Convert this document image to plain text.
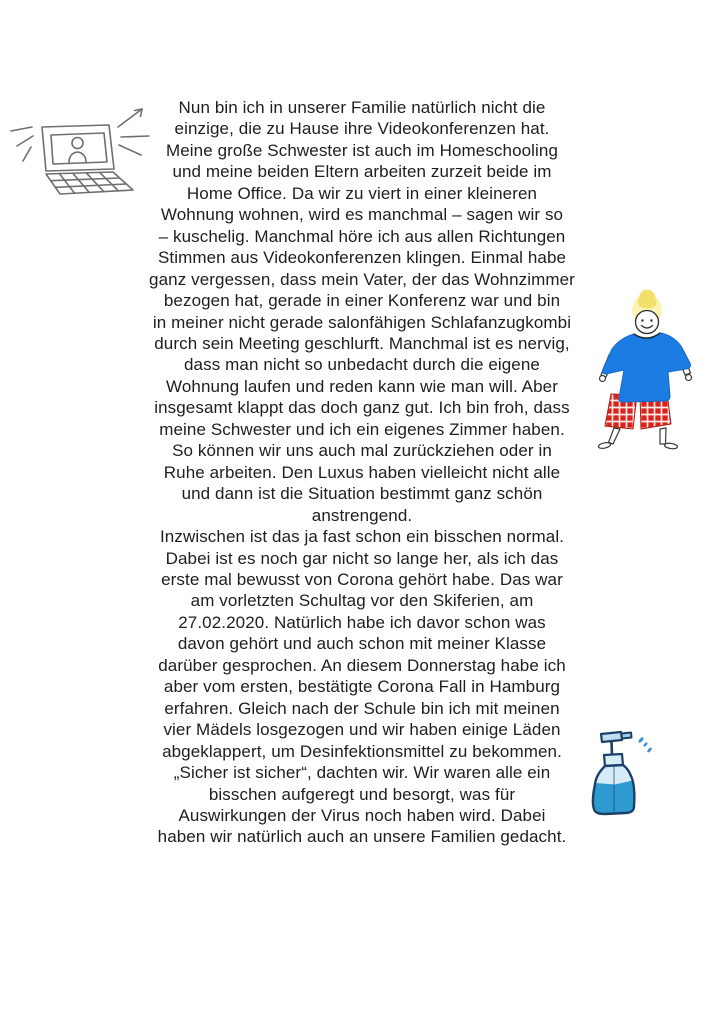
Nun bin ich in unserer Familie natürlich nicht die
einzige, die zu Hause ihre Videokonferenzen hat.
Meine große Schwester ist auch im Homeschooling
und meine beiden Eltern arbeiten zurzeit beide im
Home Office. Da wir zu viert in einer kleineren
Wohnung wohnen, wird es manchmal – sagen wir so
– kuschelig. Manchmal höre ich aus allen Richtungen
Stimmen aus Videokonferenzen klingen. Einmal habe
ganz vergessen, dass mein Vater, der das Wohnzimmer
bezogen hat, gerade in einer Konferenz war und bin
in meiner nicht gerade salonfähigen Schlafanzugkombi
durch sein Meeting geschlurft. Manchmal ist es nervig,
dass man nicht so unbedacht durch die eigene
Wohnung laufen und reden kann wie man will. Aber
insgesamt klappt das doch ganz gut. Ich bin froh, dass
meine Schwester und ich ein eigenes Zimmer haben.
So können wir uns auch mal zurückziehen oder in
Ruhe arbeiten. Den Luxus haben vielleicht nicht alle
und dann ist die Situation bestimmt ganz schön
anstrengend.
Inzwischen ist das ja fast schon ein bisschen normal.
Dabei ist es noch gar nicht so lange her, als ich das
erste mal bewusst von Corona gehört habe. Das war
am vorletzten Schultag vor den Skiferien, am
27.02.2020. Natürlich habe ich davor schon was
davon gehört und auch schon mit meiner Klasse
darüber gesprochen. An diesem Donnerstag habe ich
aber vom ersten, bestätigte Corona Fall in Hamburg
erfahren. Gleich nach der Schule bin ich mit meinen
vier Mädels losgezogen und wir haben einige Läden
abgeklappert, um Desinfektionsmittel zu bekommen.
„Sicher ist sicher“, dachten wir. Wir waren alle ein
bisschen aufgeregt und besorgt, was für
Auswirkungen der Virus noch haben wird. Dabei
haben wir natürlich auch an unsere Familien gedacht.
